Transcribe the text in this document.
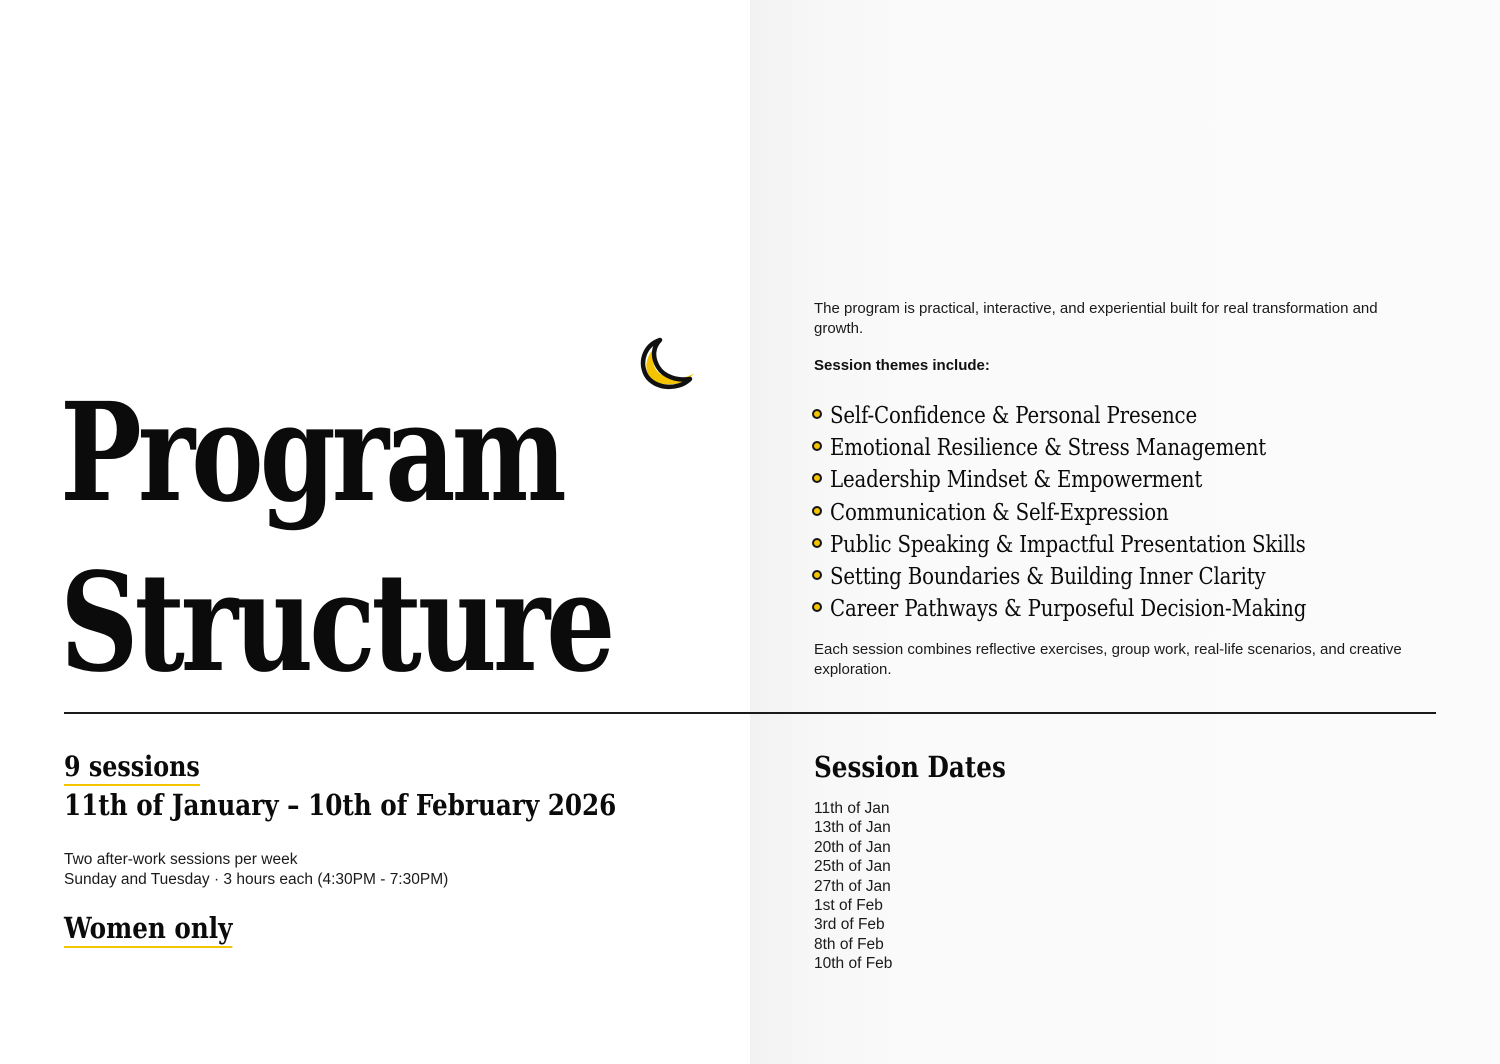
Program
Structure

The program is practical, interactive, and experiential built for real transformation and growth.

Session themes include:

Self-Confidence & Personal Presence
Emotional Resilience & Stress Management
Leadership Mindset & Empowerment
Communication & Self-Expression
Public Speaking & Impactful Presentation Skills
Setting Boundaries & Building Inner Clarity
Career Pathways & Purposeful Decision-Making

Each session combines reflective exercises, group work, real-life scenarios, and creative exploration.

9 sessions
11th of January – 10th of February 2026

Two after-work sessions per week
Sunday and Tuesday · 3 hours each (4:30PM - 7:30PM)

Women only
Session Dates
11th of Jan
13th of Jan
20th of Jan
25th of Jan
27th of Jan
1st of Feb
3rd of Feb
8th of Feb
10th of Feb
